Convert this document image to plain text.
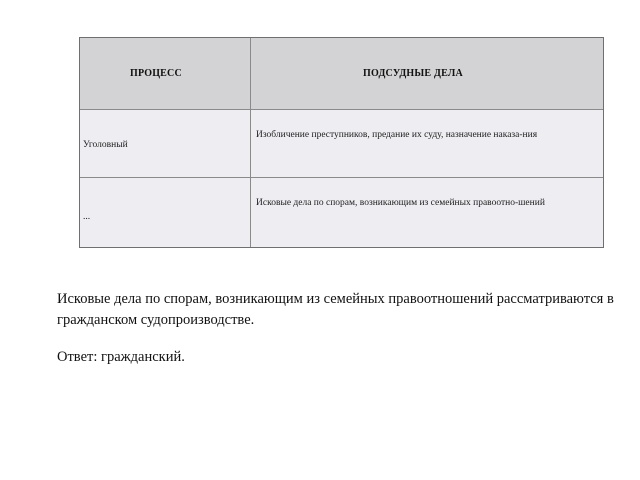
ПРОЦЕСС	ПОДСУДНЫЕ ДЕЛА
Уголовный
Изобличение преступников, предание их суду, назначение наказа-ния
...
Исковые дела по спорам, возникающим из семейных правоотно-шений
Исковые дела по спорам, возникающим из семейных правоотношений рассматриваются в гражданском судопроизводстве.
Ответ: гражданский.
